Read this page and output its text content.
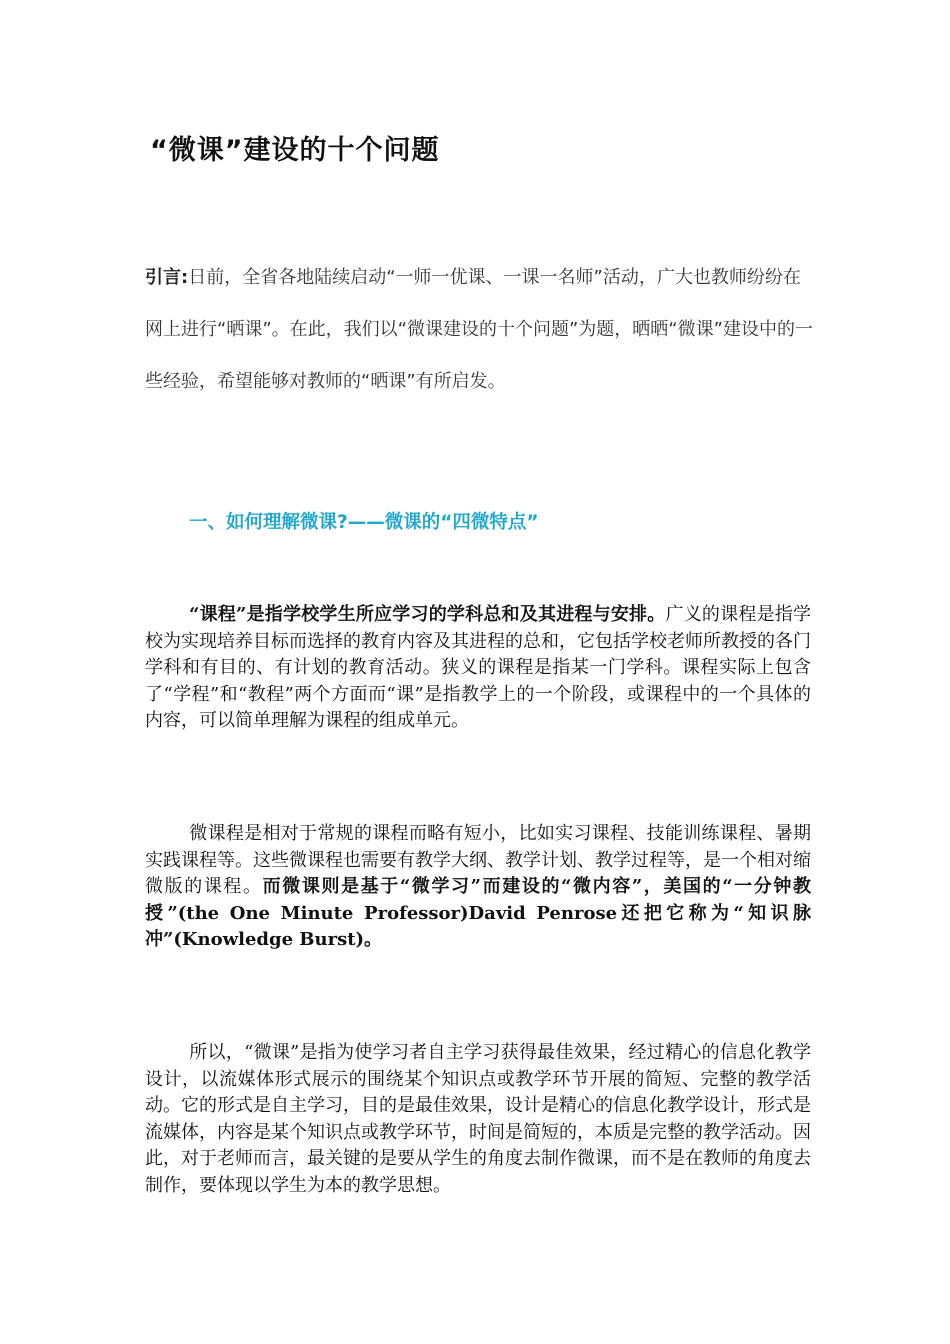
“微课”建设的十个问题
引言:日前，全省各地陆续启动“一师一优课、一课一名师”活动，广大也教师纷纷在网上进行“晒课”。在此，我们以“微课建设的十个问题”为题，晒晒“微课”建设中的一些经验，希望能够对教师的“晒课”有所启发。
一、如何理解微课?——微课的“四微特点”
“课程”是指学校学生所应学习的学科总和及其进程与安排。广义的课程是指学校为实现培养目标而选择的教育内容及其进程的总和，它包括学校老师所教授的各门学科和有目的、有计划的教育活动。狭义的课程是指某一门学科。课程实际上包含了“学程”和“教程”两个方面而“课”是指教学上的一个阶段，或课程中的一个具体的内容，可以简单理解为课程的组成单元。
微课程是相对于常规的课程而略有短小，比如实习课程、技能训练课程、暑期实践课程等。这些微课程也需要有教学大纲、教学计划、教学过程等，是一个相对缩微版的课程。而微课则是基于“微学习”而建设的“微内容”，美国的“一分钟教授”(the One Minute Professor)David Penrose还把它称为“知识脉冲”(Knowledge Burst)。
所以，“微课”是指为使学习者自主学习获得最佳效果，经过精心的信息化教学设计，以流媒体形式展示的围绕某个知识点或教学环节开展的简短、完整的教学活动。它的形式是自主学习，目的是最佳效果，设计是精心的信息化教学设计，形式是流媒体，内容是某个知识点或教学环节，时间是简短的，本质是完整的教学活动。因此，对于老师而言，最关键的是要从学生的角度去制作微课，而不是在教师的角度去制作，要体现以学生为本的教学思想。
